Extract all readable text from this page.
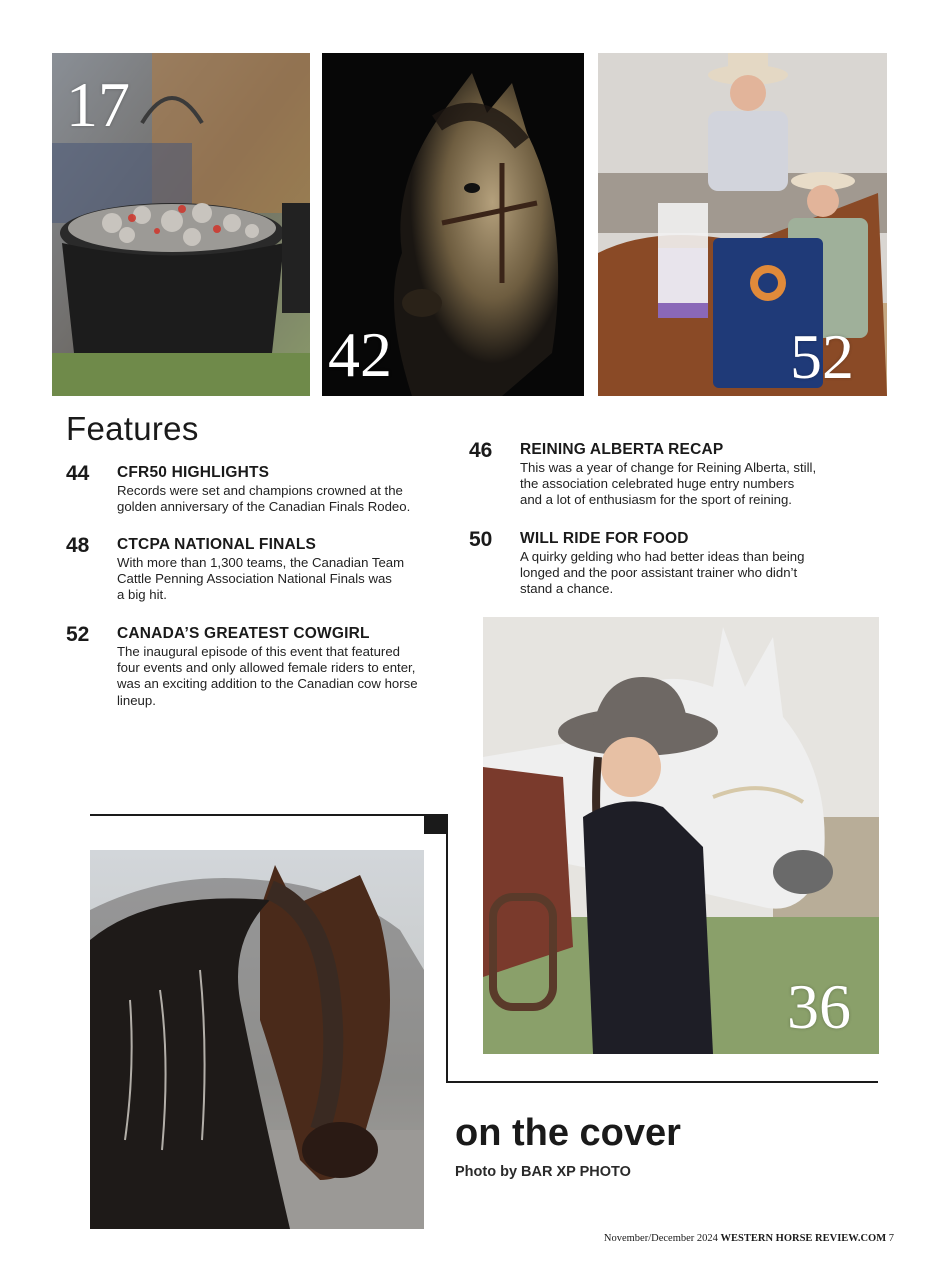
17
42	52
Features
44 CFR50 HIGHLIGHTS
Records were set and champions crowned at the
golden anniversary of the Canadian Finals Rodeo.
48 CTCPA NATIONAL FINALS
With more than 1,300 teams, the Canadian Team
Cattle Penning Association National Finals was
a big hit.
52 CANADA’S GREATEST COWGIRL
The inaugural episode of this event that featured
four events and only allowed female riders to enter,
was an exciting addition to the Canadian cow horse
lineup.
46 REINING ALBERTA RECAP
This was a year of change for Reining Alberta, still,
the association celebrated huge entry numbers
and a lot of enthusiasm for the sport of reining.
50 WILL RIDE FOR FOOD
A quirky gelding who had better ideas than being
longed and the poor assistant trainer who didn’t
stand a chance.
36
on the cover
Photo by BAR XP PHOTO
November/December 2024 WESTERN HORSE REVIEW.COM 7
